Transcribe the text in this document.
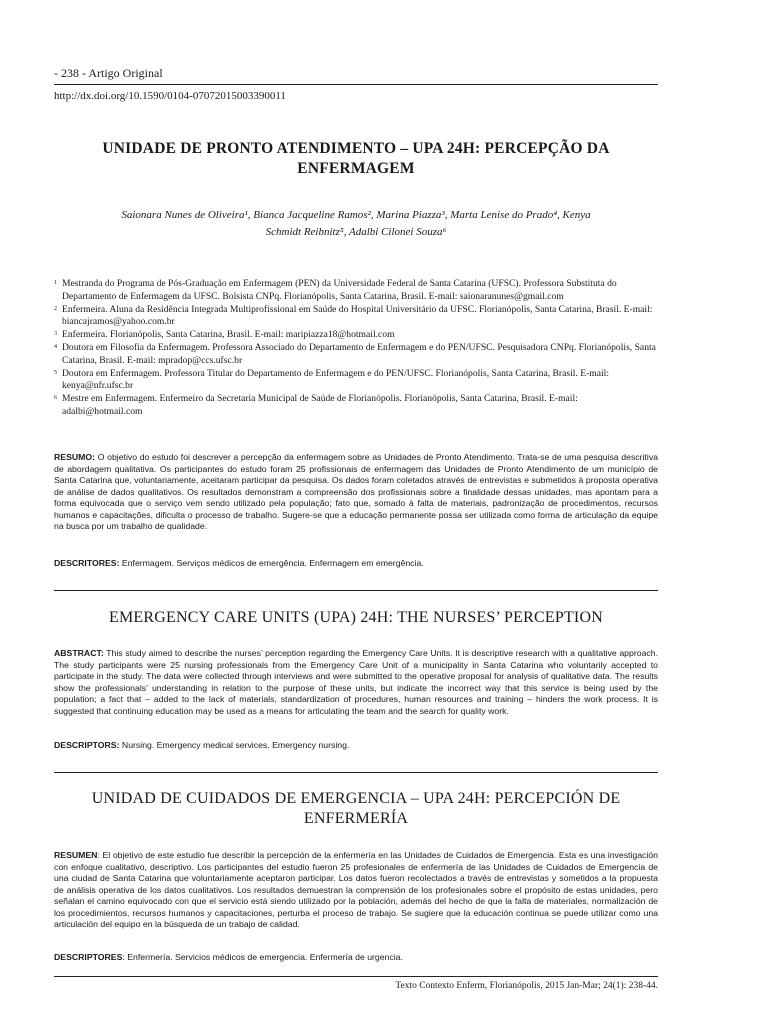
- 238 - Artigo Original
http://dx.doi.org/10.1590/0104-07072015003390011
UNIDADE DE PRONTO ATENDIMENTO – UPA 24H: PERCEPÇÃO DA
ENFERMAGEM
Saionara Nunes de Oliveira¹, Bianca Jacqueline Ramos², Marina Piazza³, Marta Lenise do Prado⁴, Kenya
Schmidt Reibnitz⁵, Adalbi Cilonei Souza⁶
1 Mestranda do Programa de Pós-Graduação em Enfermagem (PEN) da Universidade Federal de Santa Catarina (UFSC). Professora Substituta do Departamento de Enfermagem da UFSC. Bolsista CNPq. Florianópolis, Santa Catarina, Brasil. E-mail: saionaranunes@gmail.com
2 Enfermeira. Aluna da Residência Integrada Multiprofissional em Saúde do Hospital Universitário da UFSC. Florianópolis, Santa Catarina, Brasil. E-mail: biancajramos@yahoo.com.br
3 Enfermeira. Florianópolis, Santa Catarina, Brasil. E-mail: maripiazza18@hotmail.com
4 Doutora em Filosofia da Enfermagem. Professora Associado do Departamento de Enfermagem e do PEN/UFSC. Pesquisadora CNPq. Florianópolis, Santa Catarina, Brasil. E-mail: mpradop@ccs.ufsc.br
5 Doutora em Enfermagem. Professora Titular do Departamento de Enfermagem e do PEN/UFSC. Florianópolis, Santa Catarina, Brasil. E-mail: kenya@nfr.ufsc.br
6 Mestre em Enfermagem. Enfermeiro da Secretaria Municipal de Saúde de Florianópolis. Florianópolis, Santa Catarina, Brasil. E-mail: adalbi@hotmail.com
RESUMO: O objetivo do estudo foi descrever a percepção da enfermagem sobre as Unidades de Pronto Atendimento. Trata-se de uma pesquisa descritiva de abordagem qualitativa. Os participantes do estudo foram 25 profissionais de enfermagem das Unidades de Pronto Atendimento de um município de Santa Catarina que, voluntariamente, aceitaram participar da pesquisa. Os dados foram coletados através de entrevistas e submetidos à proposta operativa de análise de dados qualitativos. Os resultados demonstram a compreensão dos profissionais sobre a finalidade dessas unidades, mas apontam para a forma equivocada que o serviço vem sendo utilizado pela população; fato que, somado à falta de materiais, padronização de procedimentos, recursos humanos e capacitações, dificulta o processo de trabalho. Sugere-se que a educação permanente possa ser utilizada como forma de articulação da equipe na busca por um trabalho de qualidade.
DESCRITORES: Enfermagem. Serviços médicos de emergência. Enfermagem em emergência.
EMERGENCY CARE UNITS (UPA) 24H: THE NURSES’ PERCEPTION
ABSTRACT: This study aimed to describe the nurses’ perception regarding the Emergency Care Units. It is descriptive research with a qualitative approach. The study participants were 25 nursing professionals from the Emergency Care Unit of a municipality in Santa Catarina who voluntarily accepted to participate in the study. The data were collected through interviews and were submitted to the operative proposal for analysis of qualitative data. The results show the professionals’ understanding in relation to the purpose of these units, but indicate the incorrect way that this service is being used by the population; a fact that – added to the lack of materials, standardization of procedures, human resources and training – hinders the work process. It is suggested that continuing education may be used as a means for articulating the team and the search for quality work.
DESCRIPTORS: Nursing. Emergency medical services. Emergency nursing.
UNIDAD DE CUIDADOS DE EMERGENCIA – UPA 24H: PERCEPCIÓN DE
ENFERMERÍA
RESUMEN: El objetivo de este estudio fue describir la percepción de la enfermería en las Unidades de Cuidados de Emergencia. Esta es una investigación con enfoque cualitativo, descriptivo. Los participantes del estudio fueron 25 profesionales de enfermería de las Unidades de Cuidados de Emergencia de una ciudad de Santa Catarina que voluntariamente aceptaron participar. Los datos fueron recolectados a través de entrevistas y sometidos a la propuesta de análisis operativa de los datos cualitativos. Los resultados demuestran la comprensión de los profesionales sobre el propósito de estas unidades, pero señalan el camino equivocado con que el servicio está siendo utilizado por la población, además del hecho de que la falta de materiales, normalización de los procedimientos, recursos humanos y capacitaciones, perturba el proceso de trabajo. Se sugiere que la educación continua se puede utilizar como una articulación del equipo en la búsqueda de un trabajo de calidad.
DESCRIPTORES: Enfermería. Servicios médicos de emergencia. Enfermería de urgencia.
Texto Contexto Enferm, Florianópolis, 2015 Jan-Mar; 24(1): 238-44.
